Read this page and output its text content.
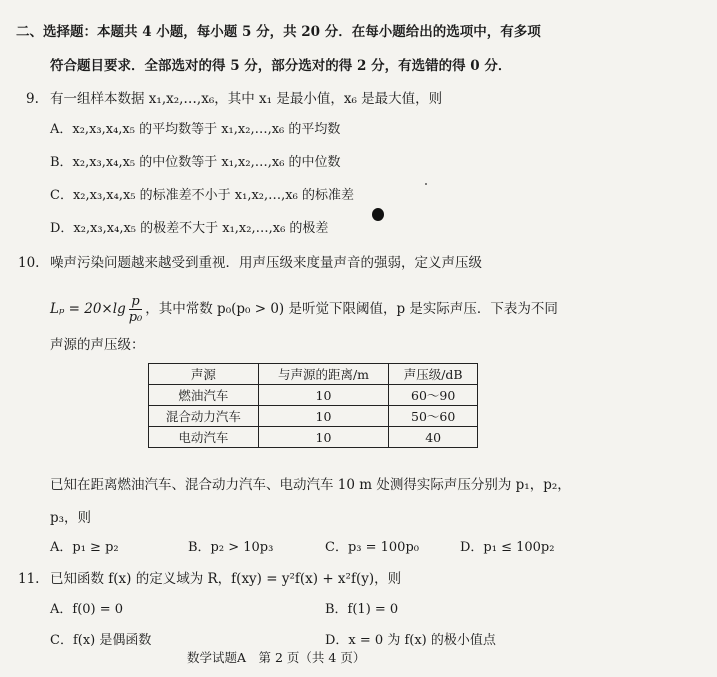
二、选择题：本题共 4 小题，每小题 5 分，共 20 分．在每小题给出的选项中，有多项
符合题目要求．全部选对的得 5 分，部分选对的得 2 分，有选错的得 0 分．
9. 有一组样本数据 x₁,x₂,…,x₆，其中 x₁ 是最小值，x₆ 是最大值，则
A．x₂,x₃,x₄,x₅ 的平均数等于 x₁,x₂,…,x₆ 的平均数
B．x₂,x₃,x₄,x₅ 的中位数等于 x₁,x₂,…,x₆ 的中位数
C．x₂,x₃,x₄,x₅ 的标准差不小于 x₁,x₂,…,x₆ 的标准差
D．x₂,x₃,x₄,x₅ 的极差不大于 x₁,x₂,…,x₆ 的极差
10. 噪声污染问题越来越受到重视．用声压级来度量声音的强弱，定义声压级
$L_p = 20\times\lg \frac{p}{\text{p₀}}$ ，其中常数 p₀(p₀ > 0) 是听觉下限阈值，p 是实际声压．下表为不同
声源的声压级：
声源	与声源的距离/m	声压级/dB
燃油汽车	10	60～90
混合动力汽车	10	50～60
电动汽车	10	40
已知在距离燃油汽车、混合动力汽车、电动汽车 10 m 处测得实际声压分别为 p₁，p₂，
p₃，则
A．p₁ ≥ p₂	B．p₂ > 10p₃	C．p₃ = 100p₀	D．p₁ ≤ 100p₂
11. 已知函数 f(x) 的定义域为 R，f(xy) = y²f(x) + x²f(y)，则
A．f(0) = 0	B．f(1) = 0
C．f(x) 是偶函数	D．x = 0 为 f(x) 的极小值点
数学试题A　第 2 页（共 4 页）
